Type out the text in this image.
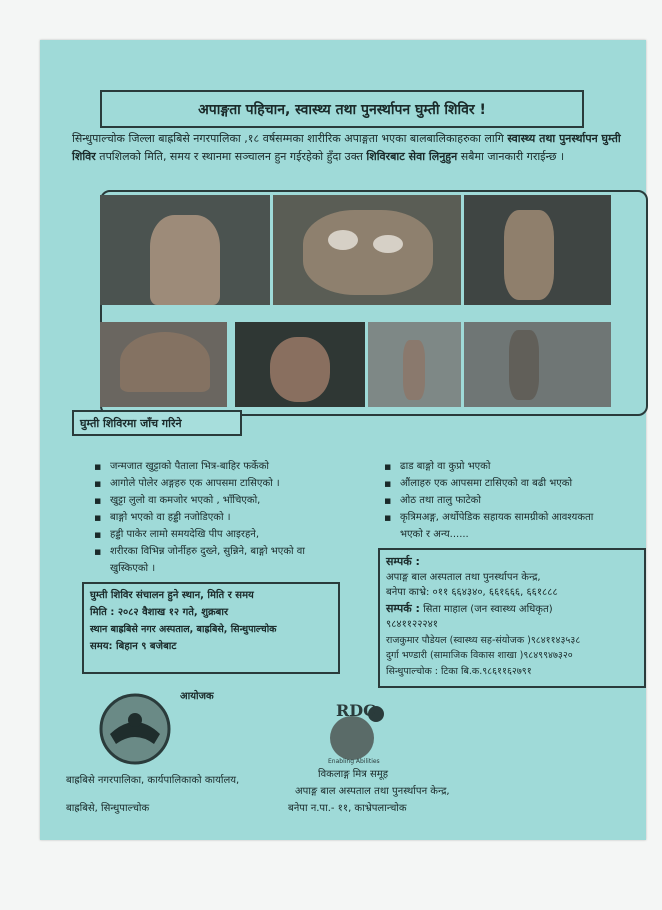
अपाङ्गता पहिचान, स्वास्थ्य तथा पुनर्स्थापन घुम्ती शिविर !
सिन्धुपाल्चोक जिल्ला बाह्रबिसे नगरपालिका ,१८ वर्षसम्मका शारीरिक अपाङ्गता भएका बालबालिकाहरुका लागि स्वास्थ्य तथा पुनर्स्थापन घुम्ती शिविर तपशिलको मिति, समय र स्थानमा सञ्चालन हुन गईरहेको हुँदा उक्त शिविरबाट सेवा लिनुहुन सबैमा जानकारी गराईन्छ ।
घुम्ती शिविरमा जाँच गरिने
▪ जन्मजात खुट्टाको पैताला भित्र-बाहिर फर्केको
▪ आगोले पोलेर अङ्गहरु एक आपसमा टासिएको ।
▪ खुट्टा लुलो वा कमजोर भएको , भाँचिएको,
▪ बाङ्गो भएको वा हड्डी नजोडिएको ।
▪ हड्डी पाकेर लामो समयदेखि पीप आइरहने,
▪ शरीरका विभिन्न जोर्नीहरु दुख्ने, सुन्निने, बाङ्गो भएको वा खुस्किएको ।
▪ ढाड बाङ्गो वा कुप्रो भएको
▪ औंलाहरु एक आपसमा टासिएको वा बढी भएको
▪ ओठ तथा तालु फाटेको
▪ कृत्रिमअङ्ग, अर्थोपेडिक सहायक सामग्रीको आवश्यकता भएको र अन्य......
सम्पर्क :
अपाङ्ग बाल अस्पताल तथा पुनर्स्थापन केन्द्र,
बनेपा काभ्रे: ०११ ६६४३४०, ६६१६६६, ६६१८८८
सम्पर्क : सिता माहाल (जन स्वास्थ्य अधिकृत)
९८४११२२२४१
राजकुमार पौडेयल (स्वास्थ्य सह-संयोजक )९८४११४३५३८
दुर्गा भण्डारी (सामाजिक विकास शाखा )९८४९९४७३२०
सिन्धुपाल्चोक : टिका बि.क.९८६११६२७९१
घुम्ती शिविर संचालन हुने स्थान, मिति र समय
मिति : २०८२ वैशाख १२ गते, शुक्रबार
स्थान बाह्रबिसे नगर अस्पताल, बाह्रबिसे, सिन्धुपाल्चोक
समय: बिहान ९ बजेबाट
आयोजक
RDC
Enabling Abilities
बाह्रबिसे नगरपालिका, कार्यपालिकाको कार्यालय,
बाह्रबिसे, सिन्धुपाल्चोक
विकलाङ्ग मित्र समूह
अपाङ्ग बाल अस्पताल तथा पुनर्स्थापन केन्द्र,
बनेपा न.पा.- ११, काभ्रेपलान्चोक
